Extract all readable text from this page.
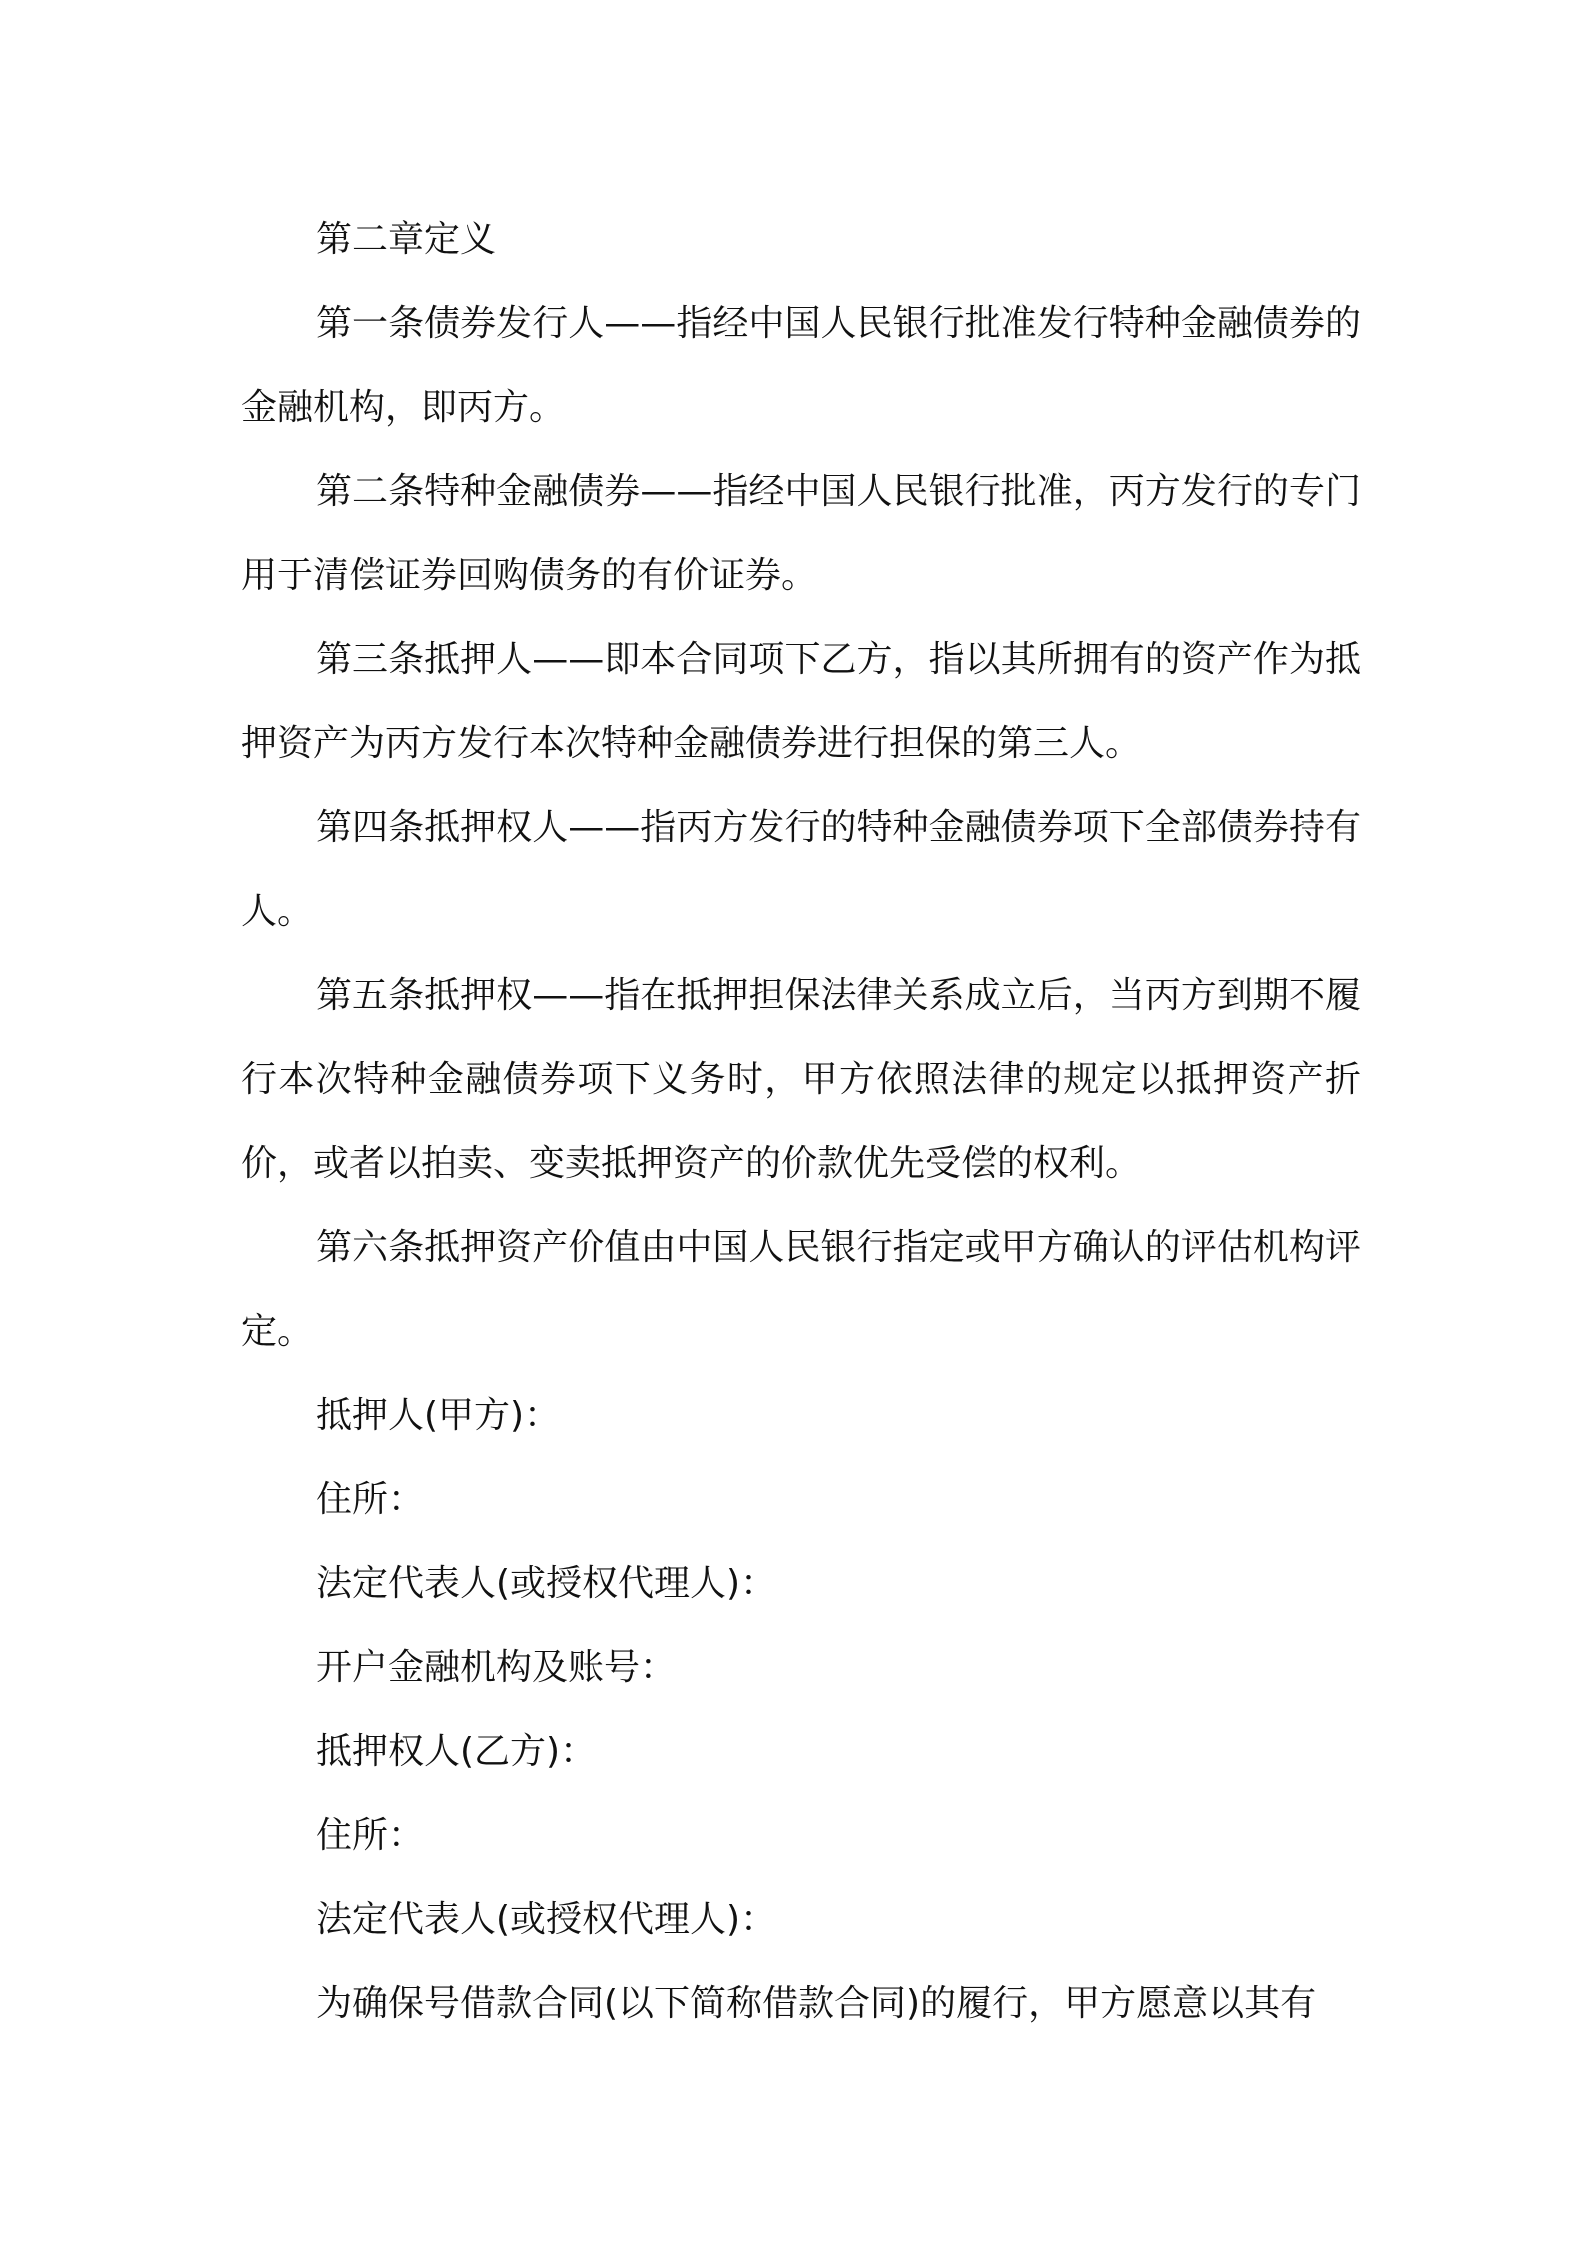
第二章定义

第一条债券发行人——指经中国人民银行批准发行特种金融债券的金融机构，即丙方。

第二条特种金融债券——指经中国人民银行批准，丙方发行的专门用于清偿证券回购债务的有价证券。

第三条抵押人——即本合同项下乙方，指以其所拥有的资产作为抵押资产为丙方发行本次特种金融债券进行担保的第三人。

第四条抵押权人——指丙方发行的特种金融债券项下全部债券持有人。

第五条抵押权——指在抵押担保法律关系成立后，当丙方到期不履行本次特种金融债券项下义务时，甲方依照法律的规定以抵押资产折价，或者以拍卖、变卖抵押资产的价款优先受偿的权利。

第六条抵押资产价值由中国人民银行指定或甲方确认的评估机构评定。

抵押人(甲方)：

住所：

法定代表人(或授权代理人)：

开户金融机构及账号：

抵押权人(乙方)：

住所：

法定代表人(或授权代理人)：

为确保号借款合同(以下简称借款合同)的履行，甲方愿意以其有
